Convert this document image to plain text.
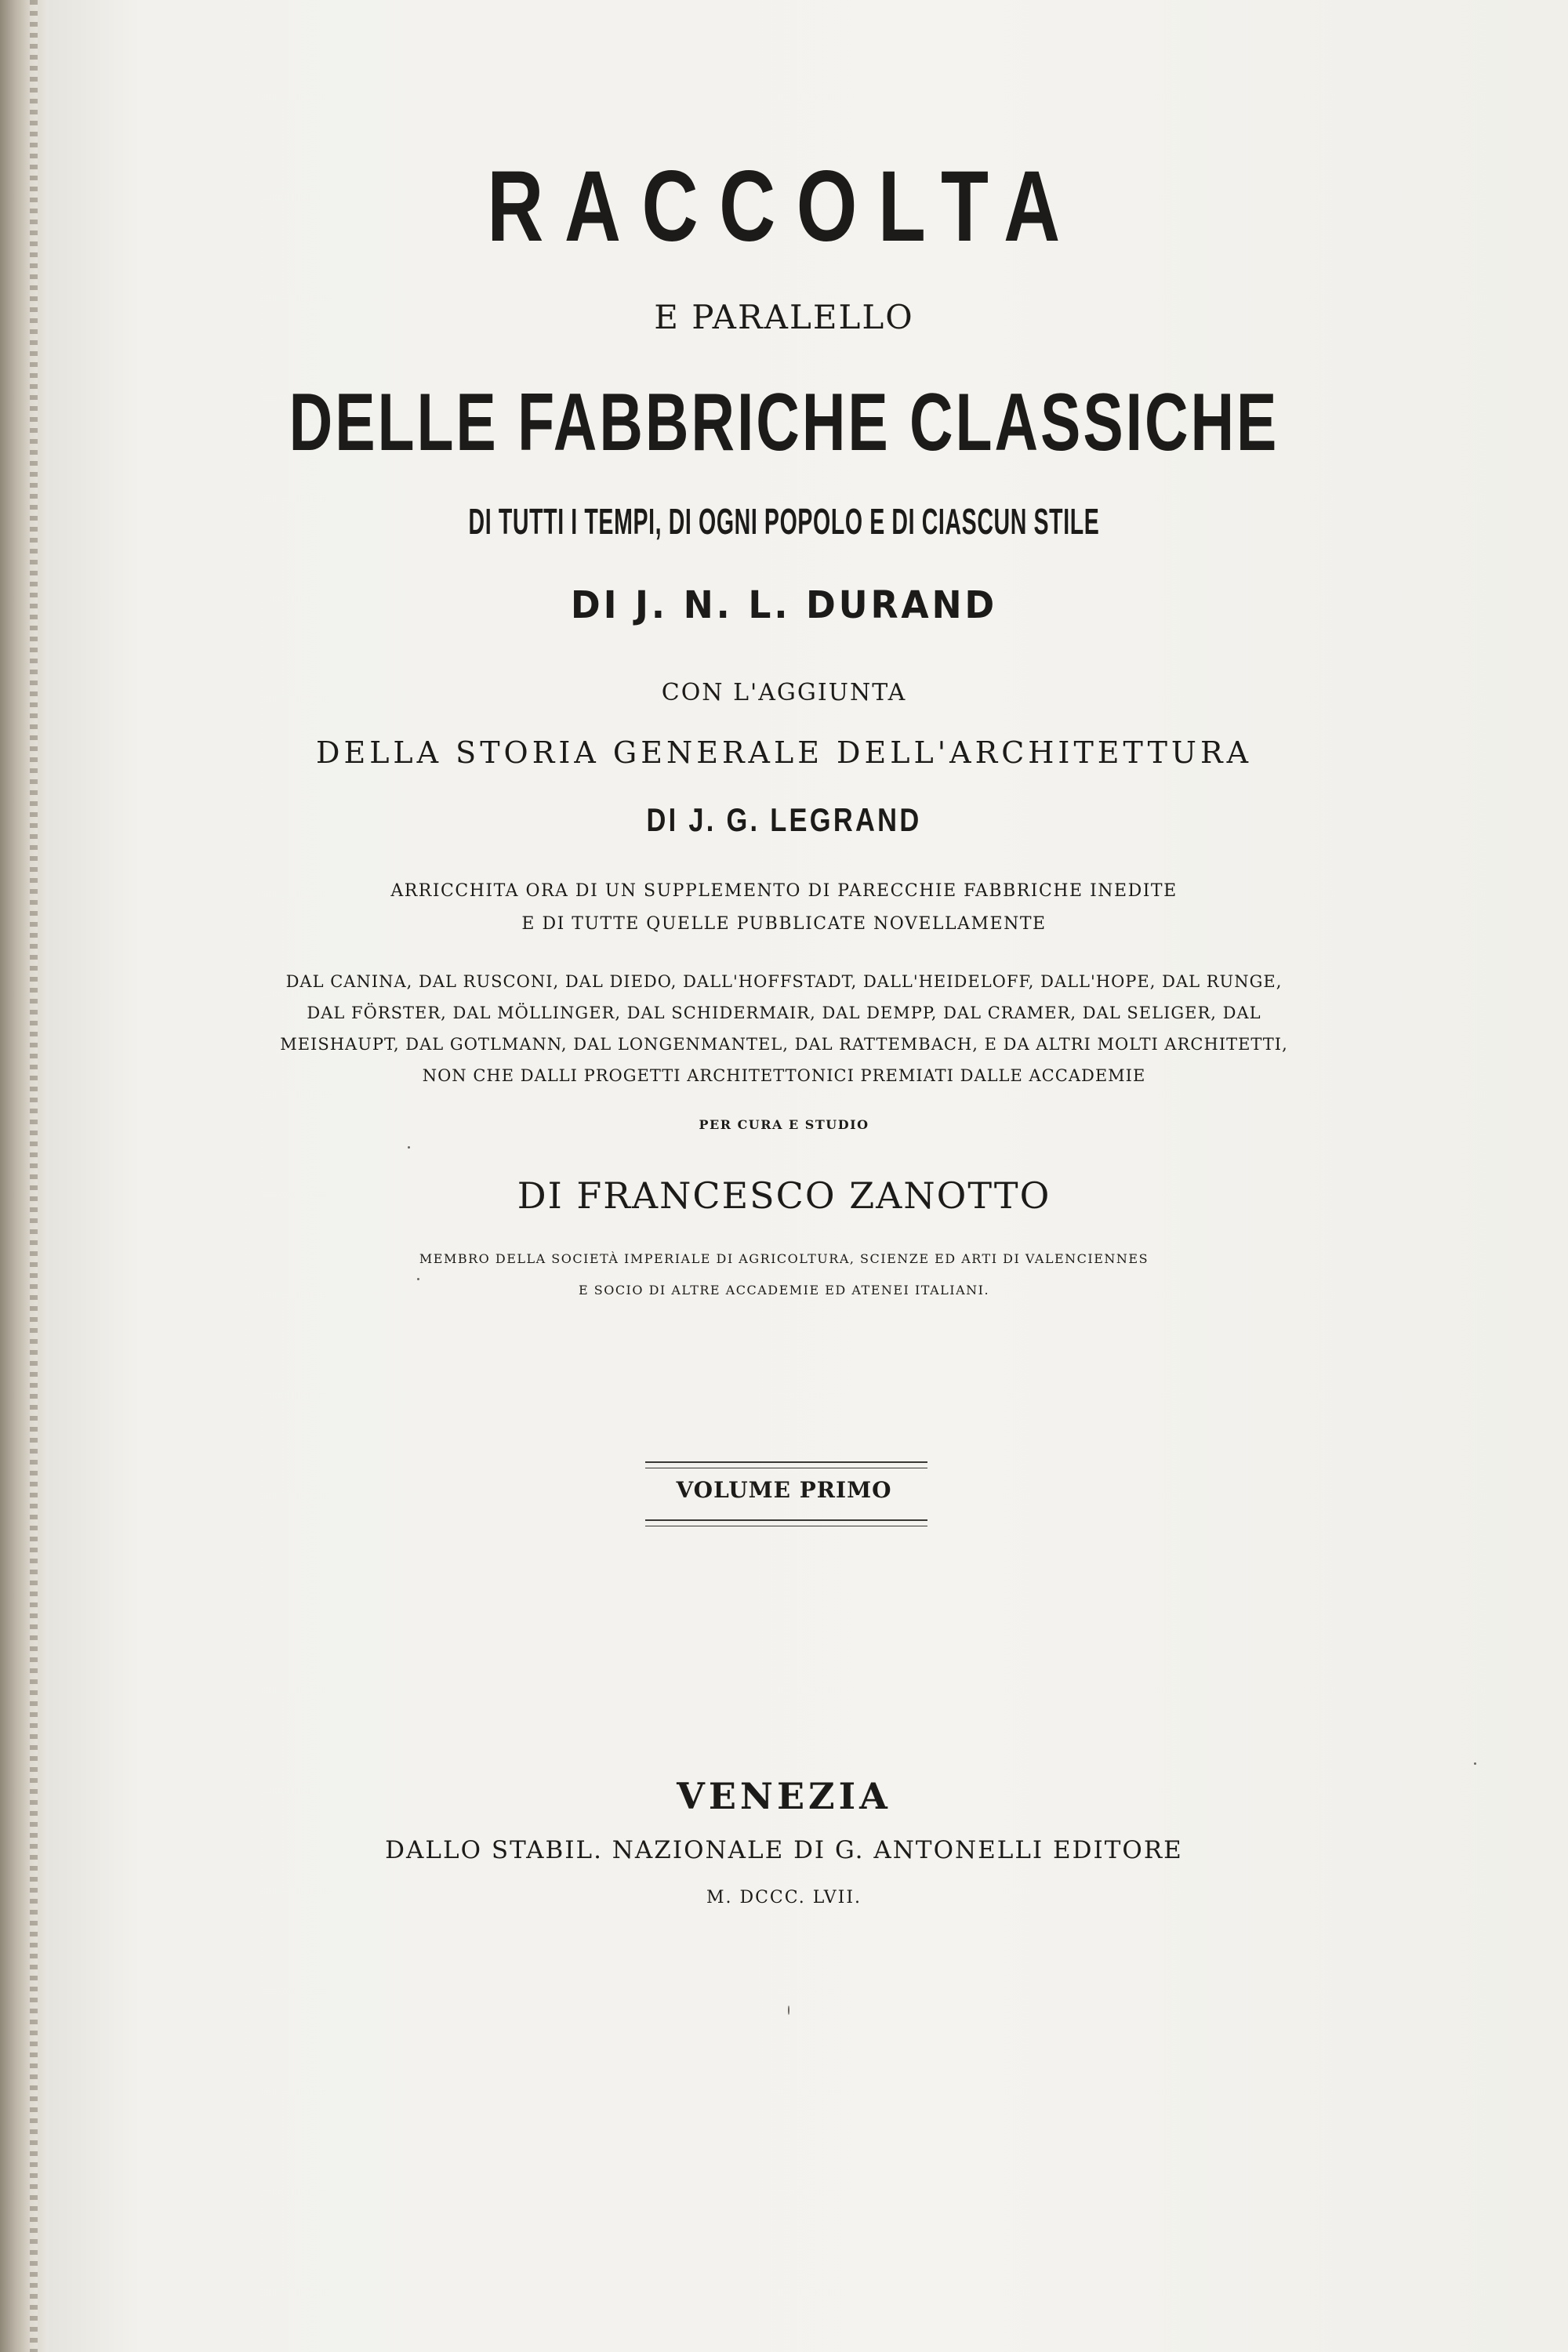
RACCOLTA

E PARALELLO

DELLE FABBRICHE CLASSICHE

DI TUTTI I TEMPI, DI OGNI POPOLO E DI CIASCUN STILE

DI J. N. L. DURAND

CON L'AGGIUNTA

DELLA STORIA GENERALE DELL'ARCHITETTURA

DI J. G. LEGRAND

ARRICCHITA ORA DI UN SUPPLEMENTO DI PARECCHIE FABBRICHE INEDITE

E DI TUTTE QUELLE PUBBLICATE NOVELLAMENTE

DAL CANINA, DAL RUSCONI, DAL DIEDO, DALL'HOFFSTADT, DALL'HEIDELOFF, DALL'HOPE, DAL RUNGE,

DAL FÖRSTER, DAL MÖLLINGER, DAL SCHIDERMAIR, DAL DEMPP, DAL CRAMER, DAL SELIGER, DAL

MEISHAUPT, DAL GOTLMANN, DAL LONGENMANTEL, DAL RATTEMBACH, E DA ALTRI MOLTI ARCHITETTI,

NON CHE DALLI PROGETTI ARCHITETTONICI PREMIATI DALLE ACCADEMIE

PER CURA E STUDIO

DI FRANCESCO ZANOTTO

MEMBRO DELLA SOCIETÀ IMPERIALE DI AGRICOLTURA, SCIENZE ED ARTI DI VALENCIENNES

E SOCIO DI ALTRE ACCADEMIE ED ATENEI ITALIANI.

VOLUME PRIMO

VENEZIA

DALLO STABIL. NAZIONALE DI G. ANTONELLI EDITORE

M. DCCC. LVII.
